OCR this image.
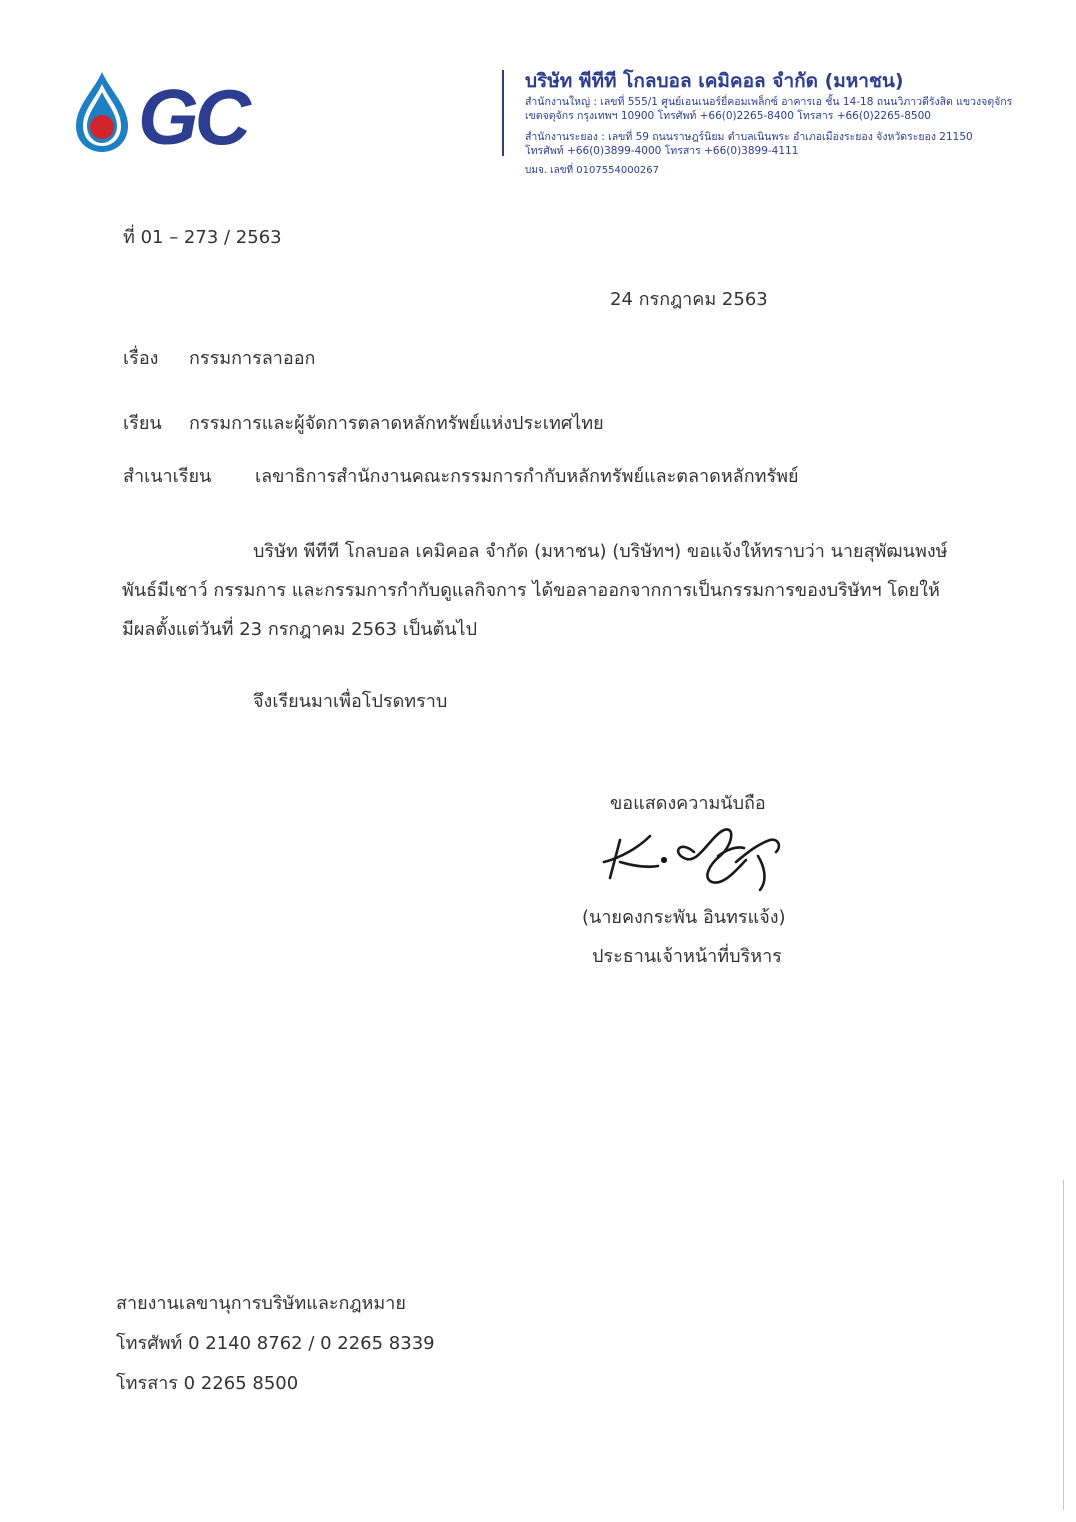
GC	บริษัท พีทีที โกลบอล เคมิคอล จำกัด (มหาชน)
สำนักงานใหญ่ : เลขที่ 555/1 ศูนย์เอนเนอร์ยี่คอมเพล็กซ์ อาคารเอ ชั้น 14-18 ถนนวิภาวดีรังสิต แขวงจตุจักร
เขตจตุจักร กรุงเทพฯ 10900 โทรศัพท์ +66(0)2265-8400 โทรสาร +66(0)2265-8500
สำนักงานระยอง : เลขที่ 59 ถนนราษฎร์นิยม ตำบลเนินพระ อำเภอเมืองระยอง จังหวัดระยอง 21150
โทรศัพท์ +66(0)3899-4000 โทรสาร +66(0)3899-4111
บมจ. เลขที่ 0107554000267
ที่ 01 – 273 / 2563
24 กรกฎาคม 2563
เรื่อง กรรมการลาออก
เรียน กรรมการและผู้จัดการตลาดหลักทรัพย์แห่งประเทศไทย
สำเนาเรียน เลขาธิการสำนักงานคณะกรรมการกำกับหลักทรัพย์และตลาดหลักทรัพย์
บริษัท พีทีที โกลบอล เคมิคอล จำกัด (มหาชน) (บริษัทฯ) ขอแจ้งให้ทราบว่า นายสุพัฒนพงษ์
พันธ์มีเชาว์ กรรมการ และกรรมการกำกับดูแลกิจการ ได้ขอลาออกจากการเป็นกรรมการของบริษัทฯ โดยให้
มีผลตั้งแต่วันที่ 23 กรกฎาคม 2563 เป็นต้นไป
จึงเรียนมาเพื่อโปรดทราบ
ขอแสดงความนับถือ
(นายคงกระพัน อินทรแจ้ง)
ประธานเจ้าหน้าที่บริหาร
สายงานเลขานุการบริษัทและกฎหมาย
โทรศัพท์ 0 2140 8762 / 0 2265 8339
โทรสาร 0 2265 8500
